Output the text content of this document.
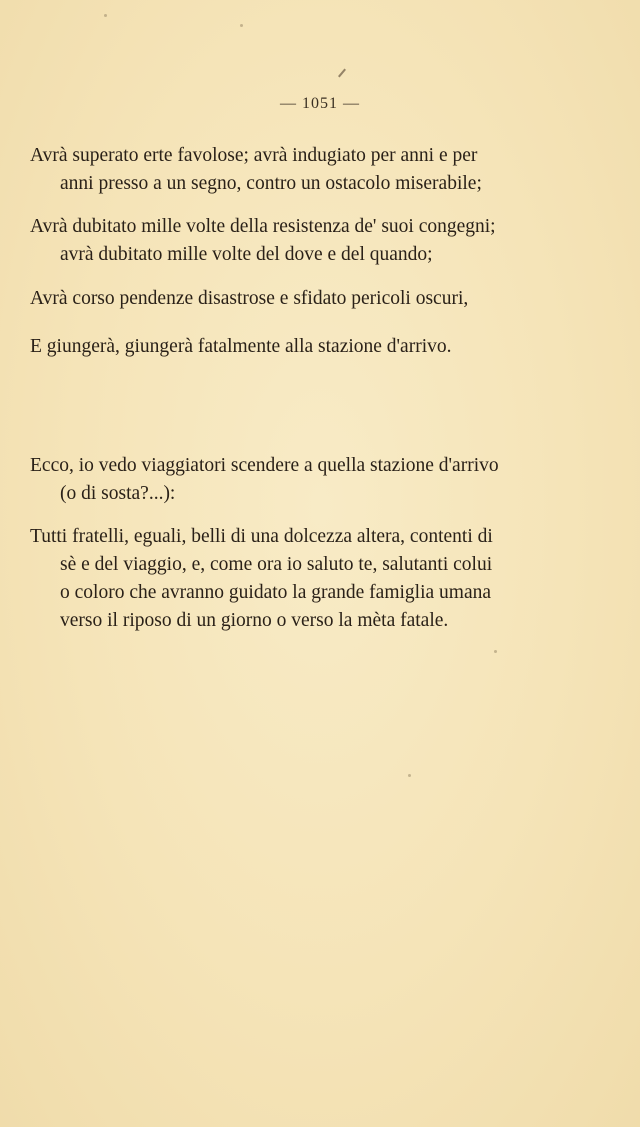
— 1051 —
Avrà superato erte favolose; avrà indugiato per anni e per
anni presso a un segno, contro un ostacolo miserabile;
Avrà dubitato mille volte della resistenza de' suoi congegni;
avrà dubitato mille volte del dove e del quando;
Avrà corso pendenze disastrose e sfidato pericoli oscuri,
E giungerà, giungerà fatalmente alla stazione d'arrivo.
Ecco, io vedo viaggiatori scendere a quella stazione d'arrivo
(o di sosta?...):
Tutti fratelli, eguali, belli di una dolcezza altera, contenti di
sè e del viaggio, e, come ora io saluto te, salutanti colui
o coloro che avranno guidato la grande famiglia umana
verso il riposo di un giorno o verso la mèta fatale.
